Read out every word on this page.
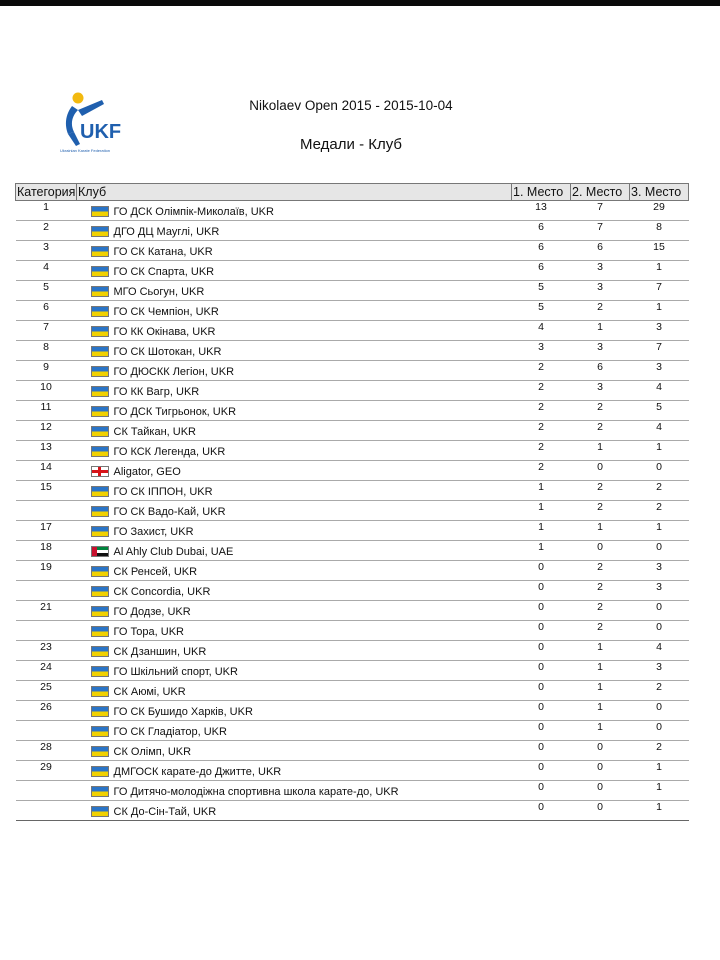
UKF
Ukrainian Karate Federation
Nikolaev Open 2015 - 2015-10-04
Медали - Клуб
Категория	Клуб	1. Место	2. Место	3. Место
1	ГО ДСК Олімпік-Миколаїв, UKR	13	7	29
2	ДГО ДЦ Мауглі, UKR	6	7	8
3	ГО СК Катана, UKR	6	6	15
4	ГО СК Спарта, UKR	6	3	1
5	МГО Сьогун, UKR	5	3	7
6	ГО СК Чемпіон, UKR	5	2	1
7	ГО КК Окінава, UKR	4	1	3
8	ГО СК Шотокан, UKR	3	3	7
9	ГО ДЮСКК Легіон, UKR	2	6	3
10	ГО КК Вагр, UKR	2	3	4
11	ГО ДСК Тигрьонок, UKR	2	2	5
12	СК Тайкан, UKR	2	2	4
13	ГО КСК Легенда, UKR	2	1	1
14	Aligator, GEO	2	0	0
15	ГО СК ІППОН, UKR	1	2	2

	ГО СК Вадо-Кай, UKR	1	2	2
17	ГО Захист, UKR	1	1	1
18	Al Ahly Club Dubai, UAE	1	0	0
19	СК Ренсей, UKR	0	2	3

	СК Concordia, UKR	0	2	3
21	ГО Додзе, UKR	0	2	0

	ГО Тора, UKR	0	2	0
23	СК Дзаншин, UKR	0	1	4
24	ГО Шкільний спорт, UKR	0	1	3
25	СК Аюмі, UKR	0	1	2
26	ГО СК Бушидо Харків, UKR	0	1	0

	ГО СК Гладіатор, UKR	0	1	0
28	СК Олімп, UKR	0	0	2
29	ДМГОСК карате-до Джитте, UKR	0	0	1

	ГО Дитячо-молодіжна спортивна школа карате-до, UKR	0	0	1

	СК До-Сін-Тай, UKR	0	0	1
